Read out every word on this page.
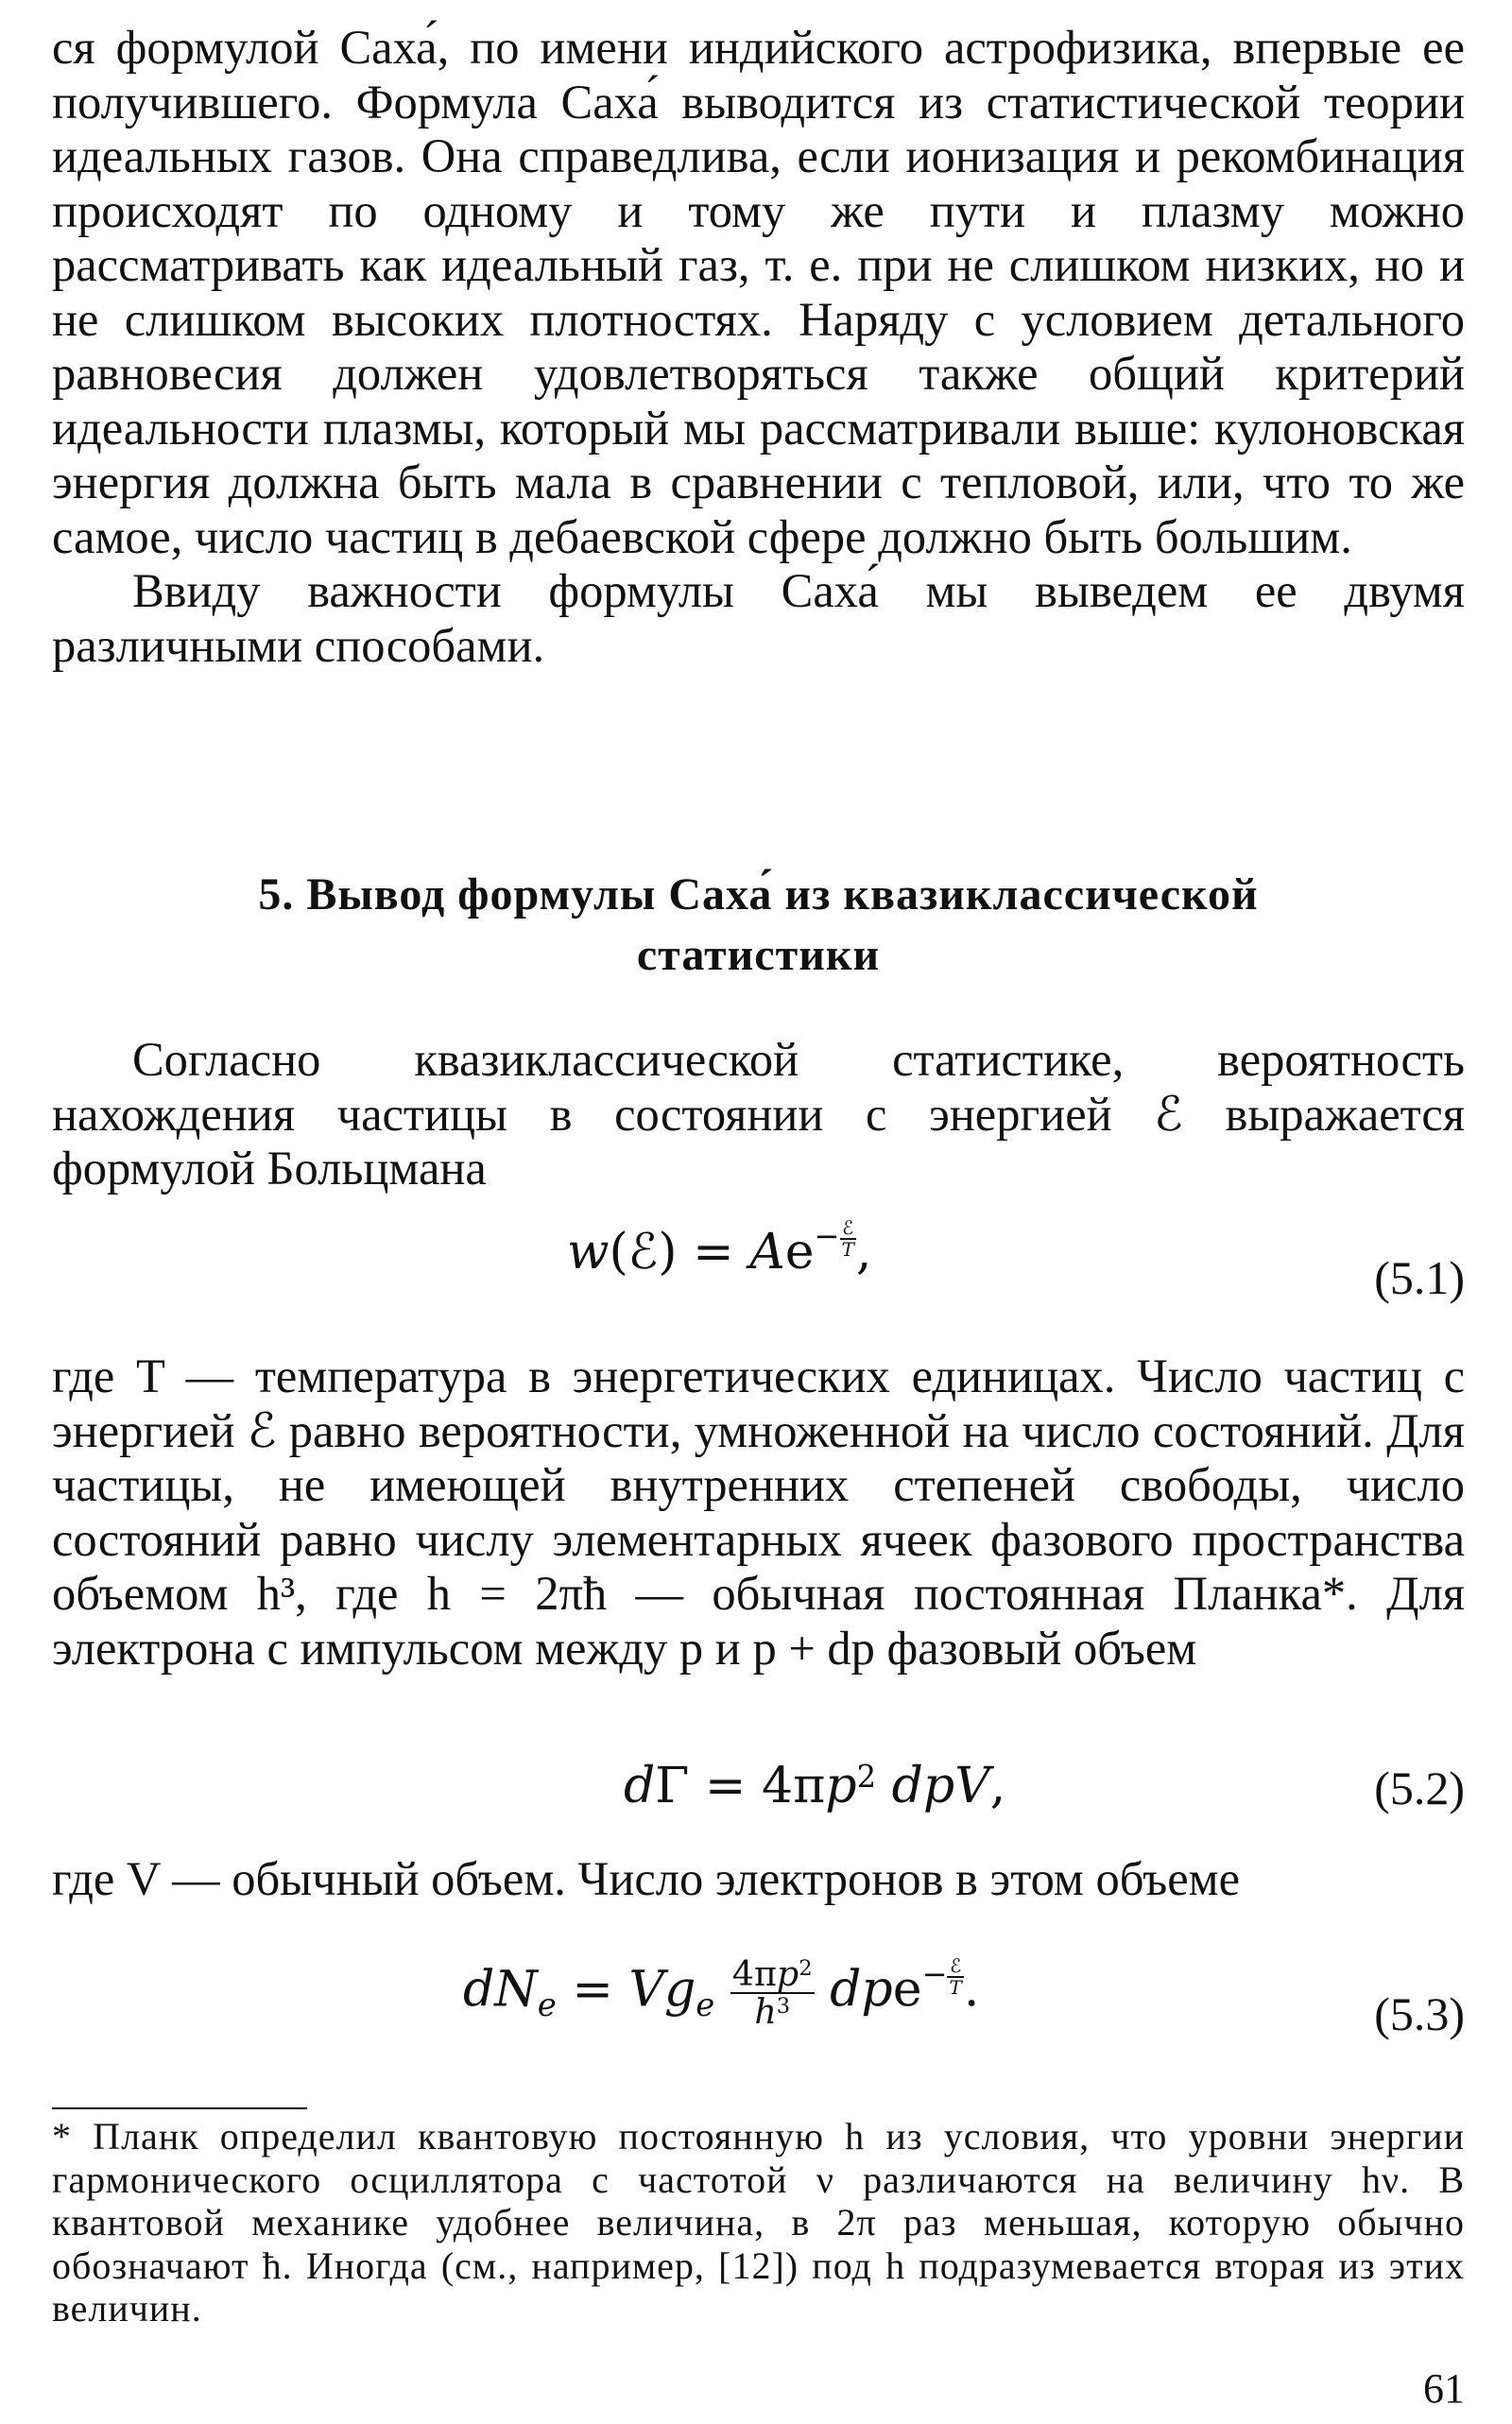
ся формулой Саха́, по имени индийского астрофизика, впервые ее получившего. Формула Саха́ выводится из статистической теории идеальных газов. Она справедлива, если ионизация и рекомбинация происходят по одному и тому же пути и плазму можно рассматривать как идеальный газ, т. е. при не слишком низких, но и не слишком высоких плотностях. Наряду с условием детального равновесия должен удовлетворяться также общий критерий идеальности плазмы, который мы рассматривали выше: кулоновская энергия должна быть мала в сравнении с тепловой, или, что то же самое, число частиц в дебаевской сфере должно быть большим.

Ввиду важности формулы Саха́ мы выведем ее двумя различными способами.

5. Вывод формулы Саха́ из квазиклассической
статистики

Согласно квазиклассической статистике, вероятность нахождения частицы в состоянии с энергией ℰ выражается формулой Больцмана

w(ℰ) = $Ae^{- \frac{\text{ℰ}}{T}}$ ,	(5.1)

где T — температура в энергетических единицах. Число частиц с энергией ℰ равно вероятности, умноженной на число состояний. Для частицы, не имеющей внутренних степеней свободы, число состояний равно числу элементарных ячеек фазового пространства объемом h³, где h = 2πħ — обычная постоянная Планка*. Для электрона с импульсом между p и p + dp фазовый объем

$d\Gamma = 4\pi p^2$ dpV,	(5.2)

где V — обычный объем. Число электронов в этом объеме

dNe = Vge $\frac{4\pi p^2}{h^3} dpe^{- \frac{\text{ℰ}}{T}}$ .	(5.3)
* Планк определил квантовую постоянную h из условия, что уровни энергии гармонического осциллятора с частотой ν различаются на величину hν. В квантовой механике удобнее величина, в 2π раз меньшая, которую обычно обозначают ħ. Иногда (см., например, [12]) под h подразумевается вторая из этих величин.
61
